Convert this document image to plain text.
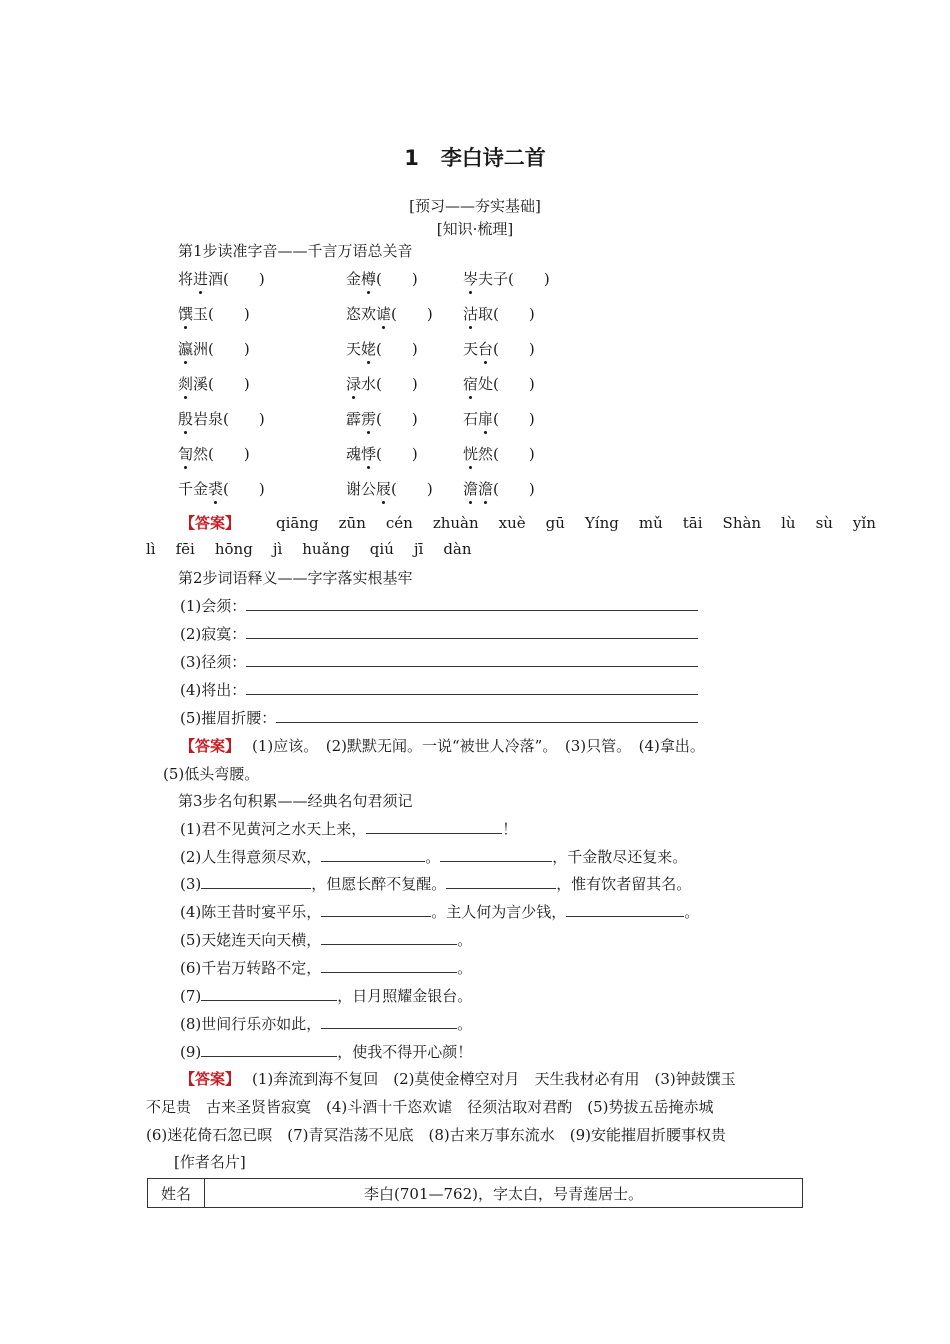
1 李白诗二首
[预习——夯实基础]
[知识·梳理]
第1步读准字音——千言万语总关音
将进酒(　　)	金樽(　　)	岑夫子(　　)
馔玉(　　)	恣欢谑(　　) 沽取(　　)
瀛洲(　　)	天姥(　　)	天台(　　)
剡溪(　　)	渌水(　　)	宿处(　　)
殷岩泉(　　)	霹雳(　　)	石扉(　　)
訇然(　　)	魂悸(　　)	恍然(　　)
千金裘(　　)	谢公屐(　　) 澹澹(　　)
【答案】 qiāng zūn cén zhuàn xuè gū Yíng mǔ tāi Shàn lù sù yǐn
lì fēi hōng jì huǎng qiú jī dàn
第2步词语释义——字字落实根基牢
(1)会须：
(2)寂寞：
(3)径须：
(4)将出：
(5)摧眉折腰：
【答案】 (1)应该。　(2)默默无闻。一说“被世人冷落”。　(3)只管。　(4)拿出。
(5)低头弯腰。
第3步名句积累——经典名句君须记
(1)君不见黄河之水天上来，	！
(2)人生得意须尽欢，	。	，千金散尽还复来。
(3)	，但愿长醉不复醒。	，惟有饮者留其名。
(4)陈王昔时宴平乐，	。主人何为言少钱，	。
(5)天姥连天向天横，	。
(6)千岩万转路不定，	。
(7)	，日月照耀金银台。
(8)世间行乐亦如此，	。
(9)	，使我不得开心颜！
【答案】 (1)奔流到海不复回　(2)莫使金樽空对月　天生我材必有用　(3)钟鼓馔玉
不足贵　古来圣贤皆寂寞　(4)斗酒十千恣欢谑　径须沽取对君酌　(5)势拔五岳掩赤城
(6)迷花倚石忽已暝　(7)青冥浩荡不见底　(8)古来万事东流水　(9)安能摧眉折腰事权贵
[作者名片]
姓名	李白(701—762)，字太白，号青莲居士。
